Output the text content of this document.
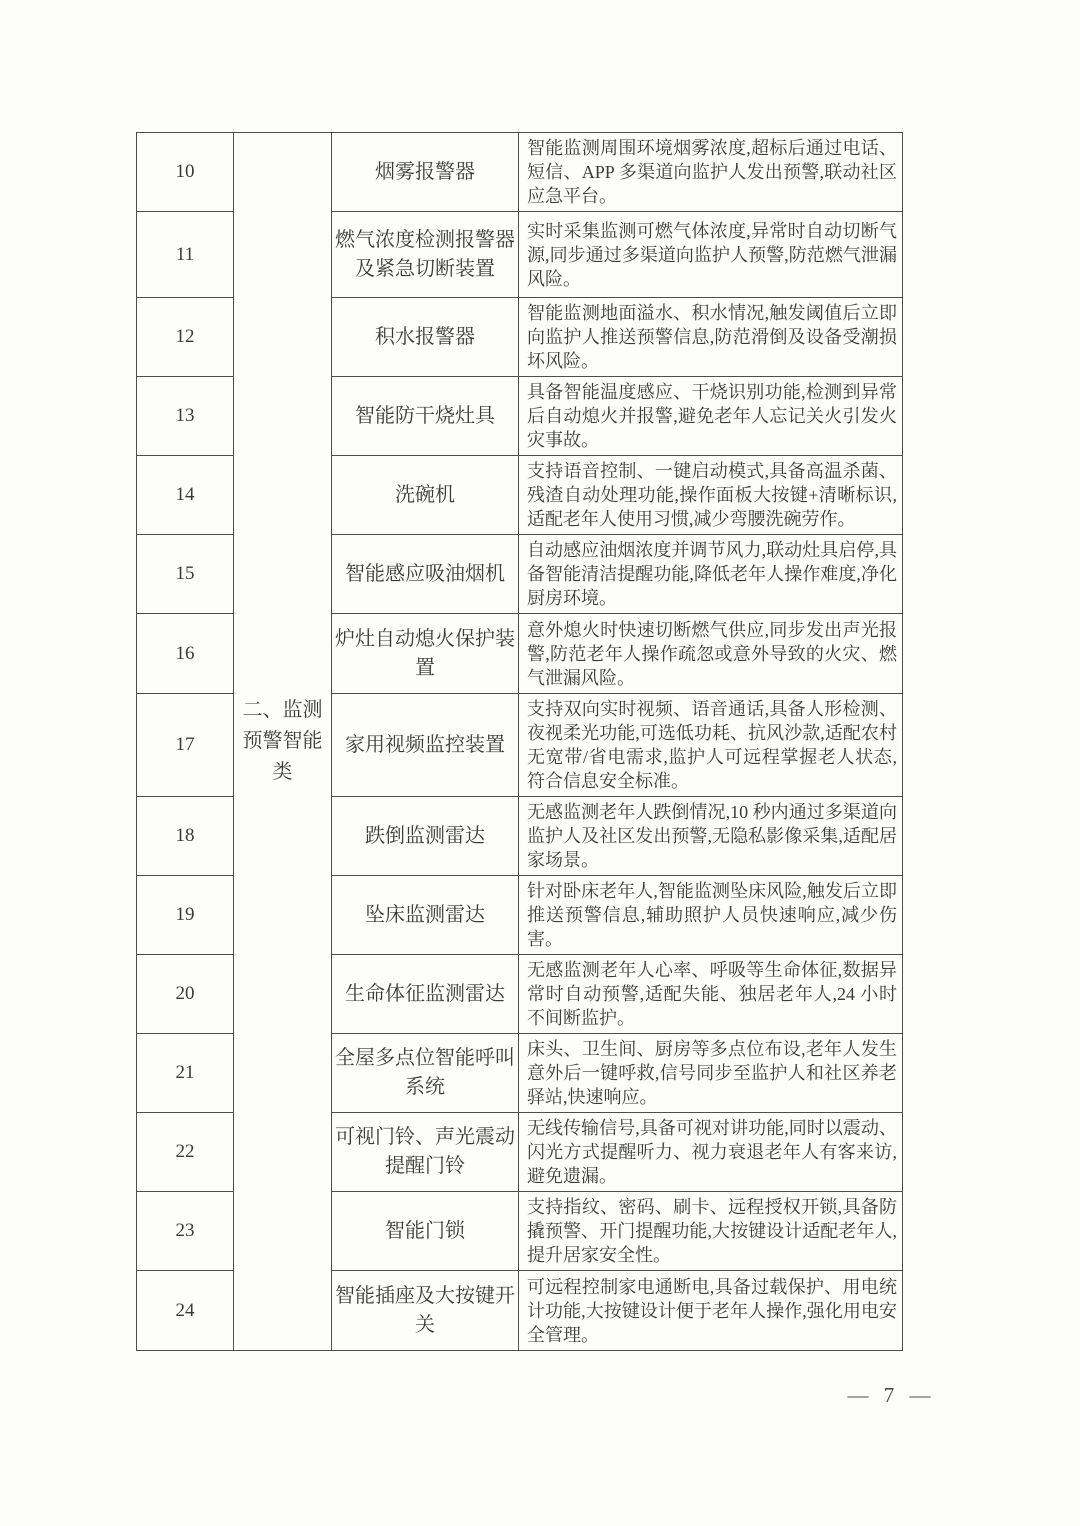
10	二、监测预警智能类	烟雾报警器	智能监测周围环境烟雾浓度,超标后通过电话、短信、APP 多渠道向监护人发出预警,联动社区应急平台。
11		燃气浓度检测报警器及紧急切断装置	实时采集监测可燃气体浓度,异常时自动切断气源,同步通过多渠道向监护人预警,防范燃气泄漏风险。
12		积水报警器	智能监测地面溢水、积水情况,触发阈值后立即向监护人推送预警信息,防范滑倒及设备受潮损坏风险。
13		智能防干烧灶具	具备智能温度感应、干烧识别功能,检测到异常后自动熄火并报警,避免老年人忘记关火引发火灾事故。
14		洗碗机	支持语音控制、一键启动模式,具备高温杀菌、残渣自动处理功能,操作面板大按键+清晰标识,适配老年人使用习惯,减少弯腰洗碗劳作。
15		智能感应吸油烟机	自动感应油烟浓度并调节风力,联动灶具启停,具备智能清洁提醒功能,降低老年人操作难度,净化厨房环境。
16		炉灶自动熄火保护装置	意外熄火时快速切断燃气供应,同步发出声光报警,防范老年人操作疏忽或意外导致的火灾、燃气泄漏风险。
17		家用视频监控装置	支持双向实时视频、语音通话,具备人形检测、夜视柔光功能,可选低功耗、抗风沙款,适配农村无宽带/省电需求,监护人可远程掌握老人状态,符合信息安全标准。
18		跌倒监测雷达	无感监测老年人跌倒情况,10 秒内通过多渠道向监护人及社区发出预警,无隐私影像采集,适配居家场景。
19		坠床监测雷达	针对卧床老年人,智能监测坠床风险,触发后立即推送预警信息,辅助照护人员快速响应,减少伤害。
20		生命体征监测雷达	无感监测老年人心率、呼吸等生命体征,数据异常时自动预警,适配失能、独居老年人,24 小时不间断监护。
21		全屋多点位智能呼叫系统	床头、卫生间、厨房等多点位布设,老年人发生意外后一键呼救,信号同步至监护人和社区养老驿站,快速响应。
22		可视门铃、声光震动提醒门铃	无线传输信号,具备可视对讲功能,同时以震动、闪光方式提醒听力、视力衰退老年人有客来访,避免遗漏。
23		智能门锁	支持指纹、密码、刷卡、远程授权开锁,具备防撬预警、开门提醒功能,大按键设计适配老年人,提升居家安全性。
24		智能插座及大按键开关	可远程控制家电通断电,具备过载保护、用电统计功能,大按键设计便于老年人操作,强化用电安全管理。
— 7 —
